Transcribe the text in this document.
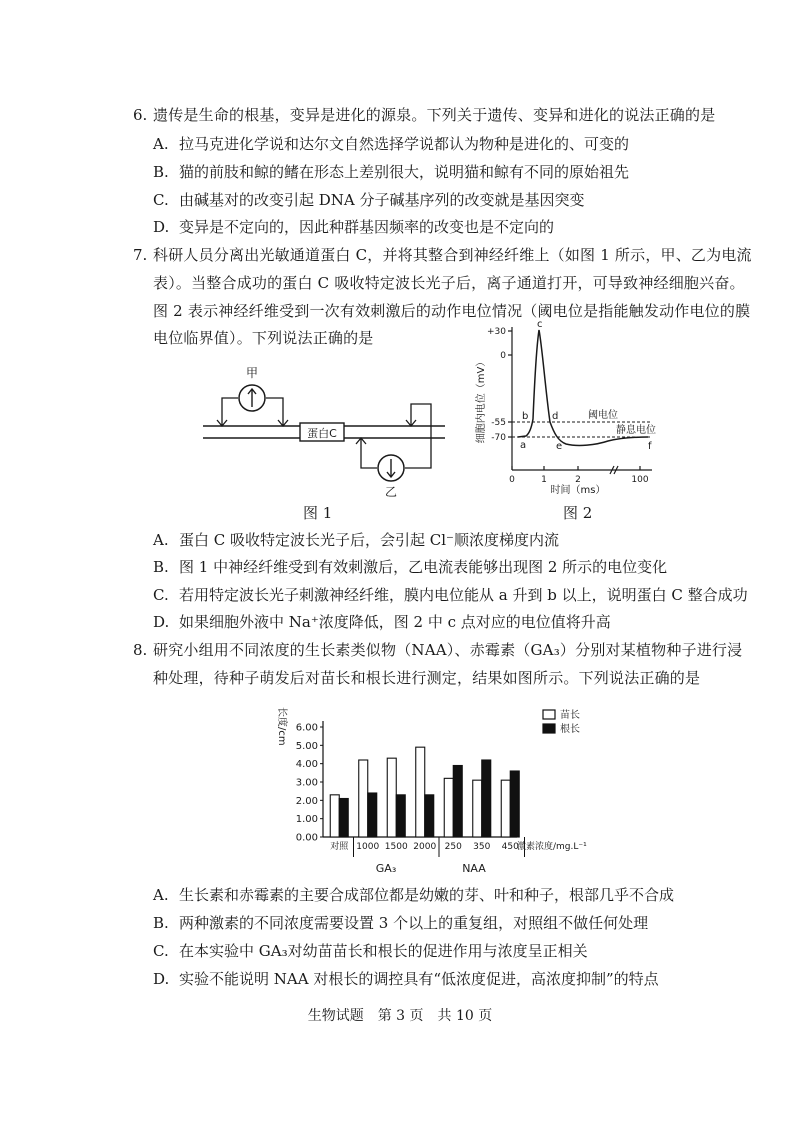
6. 遗传是生命的根基，变异是进化的源泉。下列关于遗传、变异和进化的说法正确的是
A. 拉马克进化学说和达尔文自然选择学说都认为物种是进化的、可变的
B. 猫的前肢和鲸的鳍在形态上差别很大，说明猫和鲸有不同的原始祖先
C. 由碱基对的改变引起 DNA 分子碱基序列的改变就是基因突变
D. 变异是不定向的，因此种群基因频率的改变也是不定向的
7. 科研人员分离出光敏通道蛋白 C，并将其整合到神经纤维上（如图 1 所示，甲、乙为电流
表）。当整合成功的蛋白 C 吸收特定波长光子后，离子通道打开，可导致神经细胞兴奋。
图 2 表示神经纤维受到一次有效刺激后的动作电位情况（阈电位是指能触发动作电位的膜
电位临界值）。下列说法正确的是
蛋白C
甲
乙
图 1
+30
0
-55
-70
0	1	2	100
时间（ms）
细胞内电位（mV）
a
b
c
d
e	f
阈电位
静息电位
图 2
A. 蛋白 C 吸收特定波长光子后，会引起 Cl⁻顺浓度梯度内流
B. 图 1 中神经纤维受到有效刺激后，乙电流表能够出现图 2 所示的电位变化
C. 若用特定波长光子刺激神经纤维，膜内电位能从 a 升到 b 以上，说明蛋白 C 整合成功
D. 如果细胞外液中 Na⁺浓度降低，图 2 中 c 点对应的电位值将升高
8. 研究小组用不同浓度的生长素类似物（NAA）、赤霉素（GA₃）分别对某植物种子进行浸
种处理，待种子萌发后对苗长和根长进行测定，结果如图所示。下列说法正确的是
长度/cm
0.00
1.00
2.00
3.00
4.00
5.00
6.00
对照 1000 1500 2000 250 350 450
激素浓度/mg.L⁻¹
GA₃	NAA
苗长
根长
A. 生长素和赤霉素的主要合成部位都是幼嫩的芽、叶和种子，根部几乎不合成
B. 两种激素的不同浓度需要设置 3 个以上的重复组，对照组不做任何处理
C. 在本实验中 GA₃对幼苗苗长和根长的促进作用与浓度呈正相关
D. 实验不能说明 NAA 对根长的调控具有“低浓度促进，高浓度抑制”的特点
生物试题　第 3 页　共 10 页
